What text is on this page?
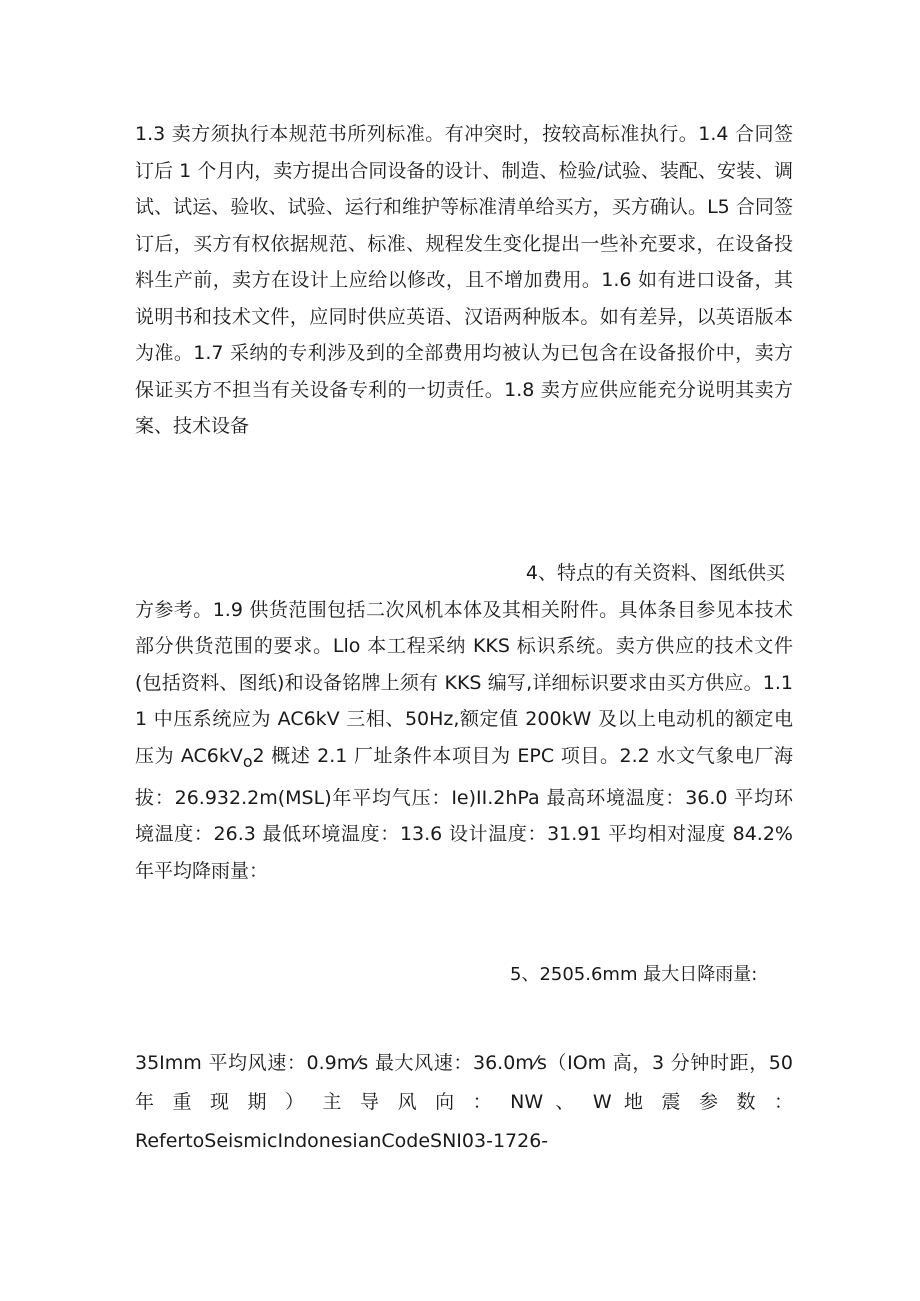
1.3 卖方须执行本规范书所列标准。有冲突时，按较高标准执行。1.4 合同签订后 1 个月内，卖方提出合同设备的设计、制造、检验/试验、装配、安装、调试、试运、验收、试验、运行和维护等标准清单给买方，买方确认。L5 合同签订后，买方有权依据规范、标准、规程发生变化提出一些补充要求，在设备投料生产前，卖方在设计上应给以修改，且不增加费用。1.6 如有进口设备，其说明书和技术文件，应同时供应英语、汉语两种版本。如有差异，以英语版本为准。1.7 采纳的专利涉及到的全部费用均被认为已包含在设备报价中，卖方保证买方不担当有关设备专利的一切责任。1.8 卖方应供应能充分说明其卖方案、技术设备

4、特点的有关资料、图纸供买
方参考。1.9 供货范围包括二次风机本体及其相关附件。具体条目参见本技术部分供货范围的要求。Llo 本工程采纳 KKS 标识系统。卖方供应的技术文件(包括资料、图纸)和设备铭牌上须有 KKS 编写,详细标识要求由买方供应。1.11 中压系统应为 AC6kV 三相、50Hz,额定值 200kW 及以上电动机的额定电压为 $AC6kV_o2$ 概述 2.1 厂址条件本项目为 EPC 项目。2.2 水文气象电厂海拔：26.932.2m(MSL)年平均气压：Ie)II.2hPa 最高环境温度：36.0 平均环境温度：26.3 最低环境温度：13.6 设计温度：31.91 平均相对湿度 84.2%年平均降雨量：

5、2505.6mm 最大日降雨量:

35Imm 平均风速：0.9m⁄s 最大风速：36.0m⁄s（IOm 高，3 分钟时距，50
年 重 现 期 ） 主 导 风 向 ： NW 、 W 地 震 参 数 ：
RefertoSeismicIndonesianCodeSNI03-1726-
